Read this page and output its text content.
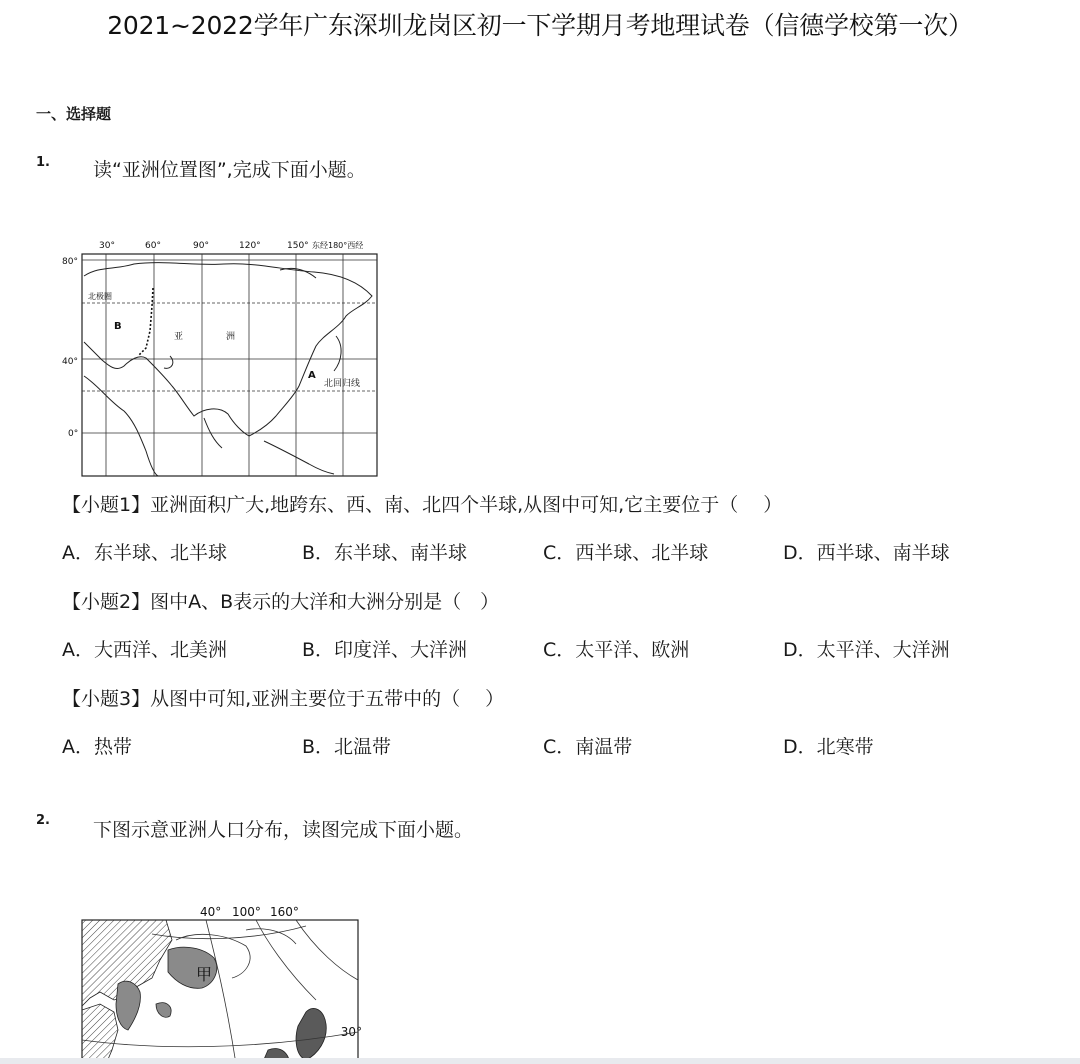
2021~2022学年广东深圳龙岗区初一下学期月考地理试卷（信德学校第一次）
一、选择题
1. 读“亚洲位置图”,完成下面小题。
30°	60°	90°	120°	150° 东经180°西经
80°
40°
0°
北极圈
北回归线
A
B
亚	洲
【小题1】亚洲面积广大,地跨东、西、南、北四个半球,从图中可知,它主要位于（　 ）
A．东半球、北半球	B．东半球、南半球	C．西半球、北半球	D．西半球、南半球
【小题2】图中A、B表示的大洋和大洲分别是（　）
A．大西洋、北美洲	B．印度洋、大洋洲	C．太平洋、欧洲	D．太平洋、大洋洲
【小题3】从图中可知,亚洲主要位于五带中的（　 ）
A．热带	B．北温带	C．南温带	D．北寒带
2. 下图示意亚洲人口分布，读图完成下面小题。
40° 100° 160°
30°
甲
